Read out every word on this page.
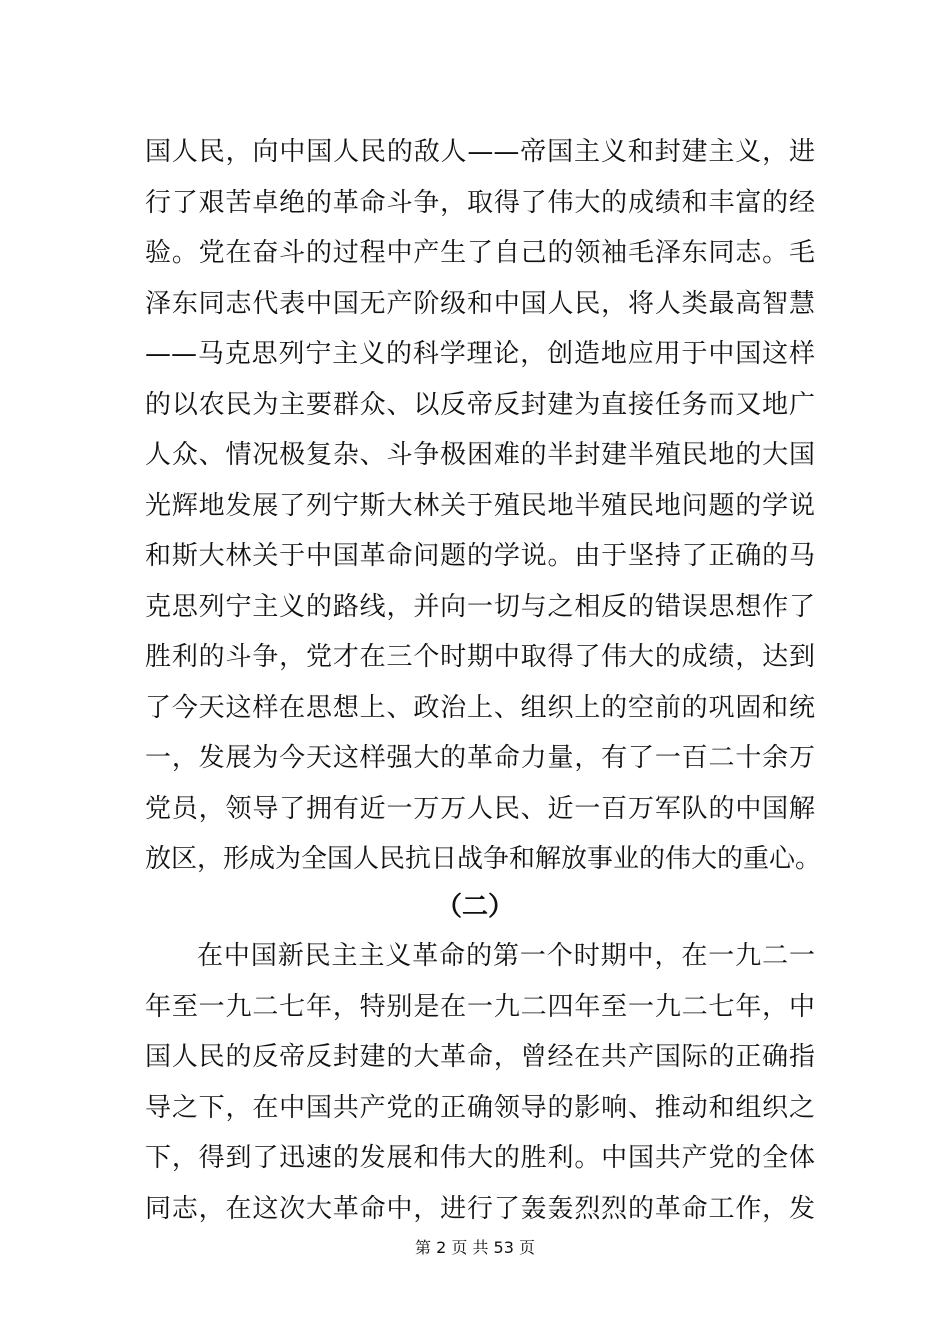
国人民，向中国人民的敌人——帝国主义和封建主义，进
行了艰苦卓绝的革命斗争，取得了伟大的成绩和丰富的经
验。党在奋斗的过程中产生了自己的领袖毛泽东同志。毛
泽东同志代表中国无产阶级和中国人民，将人类最高智慧
——马克思列宁主义的科学理论，创造地应用于中国这样
的以农民为主要群众、以反帝反封建为直接任务而又地广
人众、情况极复杂、斗争极困难的半封建半殖民地的大国
光辉地发展了列宁斯大林关于殖民地半殖民地问题的学说
和斯大林关于中国革命问题的学说。由于坚持了正确的马
克思列宁主义的路线，并向一切与之相反的错误思想作了
胜利的斗争，党才在三个时期中取得了伟大的成绩，达到
了今天这样在思想上、政治上、组织上的空前的巩固和统
一，发展为今天这样强大的革命力量，有了一百二十余万
党员，领导了拥有近一万万人民、近一百万军队的中国解
放区，形成为全国人民抗日战争和解放事业的伟大的重心。
（二）
在中国新民主主义革命的第一个时期中，在一九二一
年至一九二七年，特别是在一九二四年至一九二七年，中
国人民的反帝反封建的大革命，曾经在共产国际的正确指
导之下，在中国共产党的正确领导的影响、推动和组织之
下，得到了迅速的发展和伟大的胜利。中国共产党的全体
同志，在这次大革命中，进行了轰轰烈烈的革命工作，发
第 2 页 共 53 页
